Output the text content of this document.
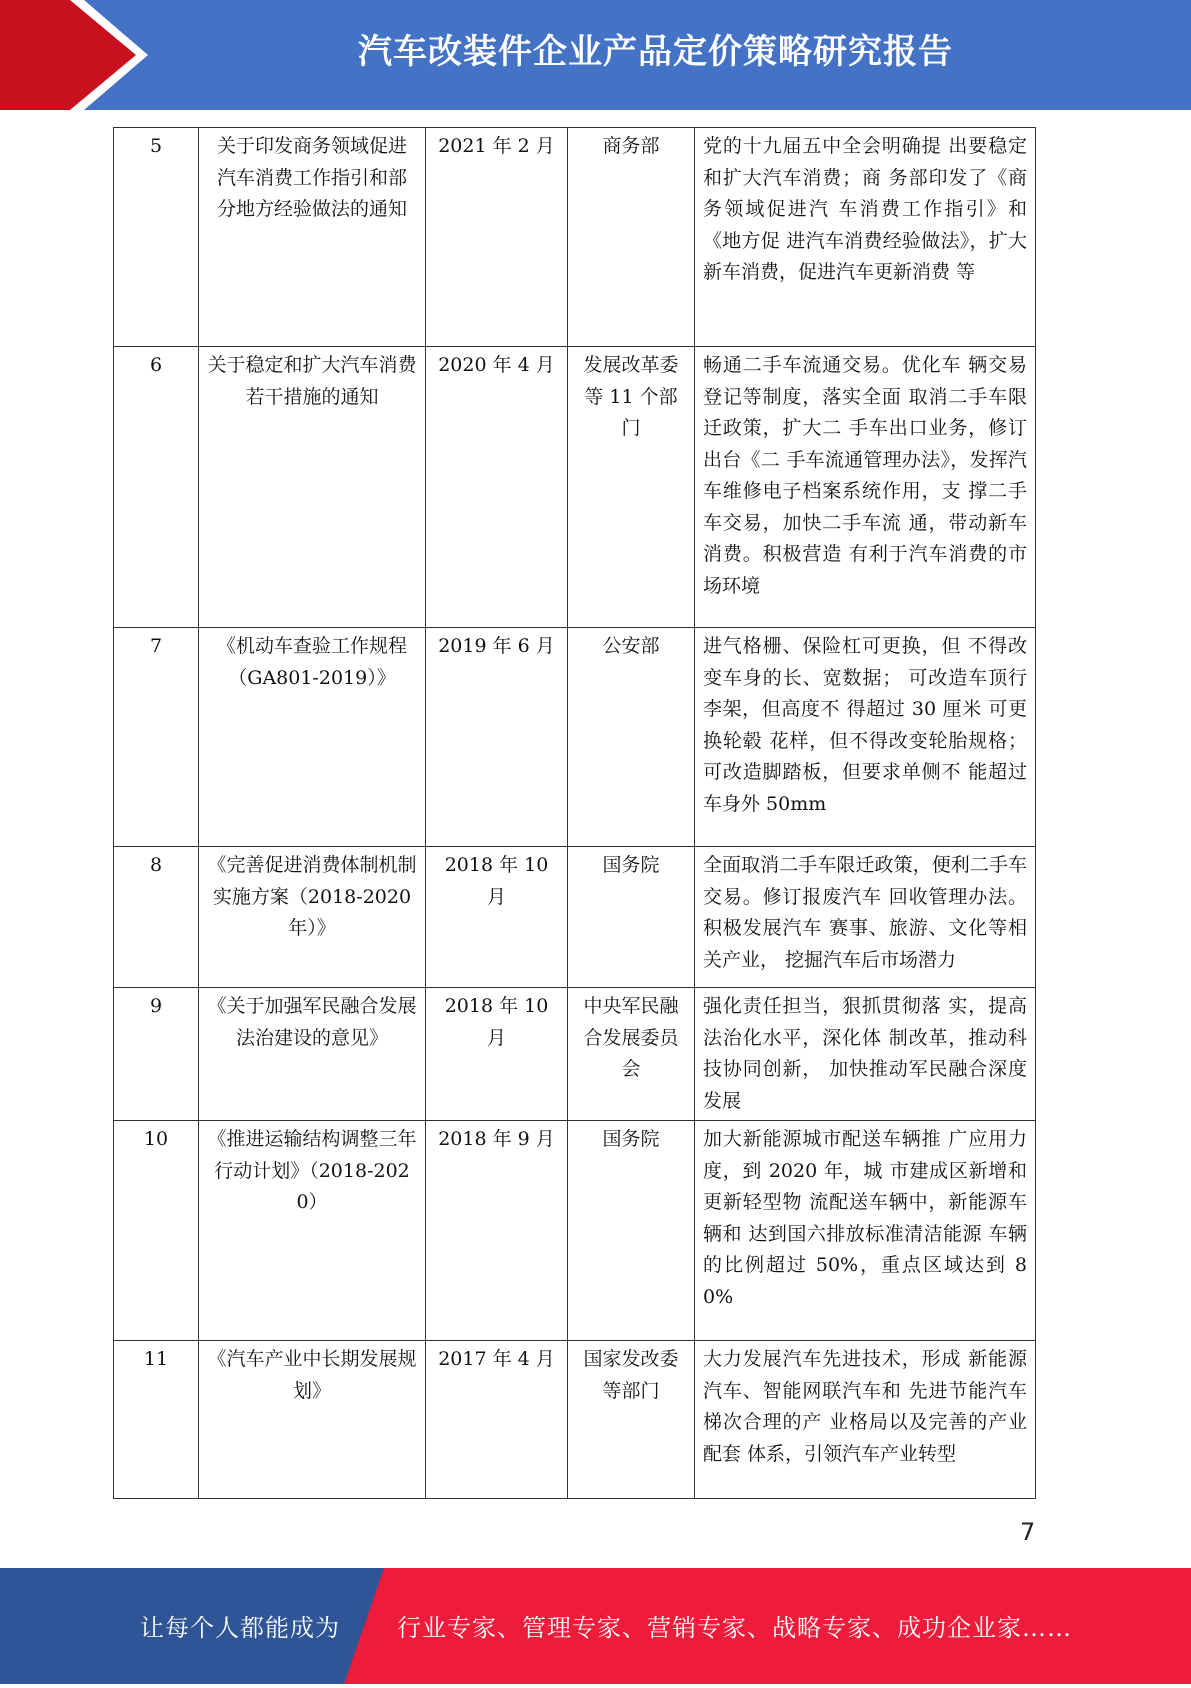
汽车改装件企业产品定价策略研究报告
5	关于印发商务领域促进 汽车消费工作指引和部 分地方经验做法的通知	2021 年 2 月	商务部	党的十九届五中全会明确提 出要稳定和扩大汽车消费；商 务部印发了《商务领域促进汽 车消费工作指引》和《地方促 进汽车消费经验做法》，扩大 新车消费，促进汽车更新消费 等
6	关于稳定和扩大汽车消费若干措施的通知	2020 年 4 月	发展改革委等 11 个部门	畅通二手车流通交易。优化车 辆交易登记等制度，落实全面 取消二手车限迁政策，扩大二 手车出口业务，修订出台《二 手车流通管理办法》，发挥汽 车维修电子档案系统作用，支 撑二手车交易，加快二手车流 通，带动新车消费。积极营造 有利于汽车消费的市场环境
7	《机动车查验工作规程（GA801-2019）》	2019 年 6 月	公安部	进气格栅、保险杠可更换，但 不得改变车身的长、宽数据； 可改造车顶行李架，但高度不 得超过 30 厘米 可更换轮毂 花样，但不得改变轮胎规格； 可改造脚踏板，但要求单侧不 能超过车身外 50mm
8	《完善促进消费体制机制实施方案（2018-2020 年）》	2018 年 10 月	国务院	全面取消二手车限迁政策，便利二手车交易。修订报废汽车 回收管理办法。积极发展汽车 赛事、旅游、文化等相关产业， 挖掘汽车后市场潜力
9	《关于加强军民融合发展法治建设的意见》	2018 年 10 月	中央军民融合发展委员会	强化责任担当，狠抓贯彻落 实，提高法治化水平，深化体 制改革，推动科技协同创新， 加快推动军民融合深度发展
10	《推进运输结构调整三年行动计划》（2018-2020）	2018 年 9 月	国务院	加大新能源城市配送车辆推 广应用力度，到 2020 年，城 市建成区新增和更新轻型物 流配送车辆中，新能源车辆和 达到国六排放标准清洁能源 车辆的比例超过 50%，重点区域达到 80%
11	《汽车产业中长期发展规划》	2017 年 4 月	国家发改委等部门	大力发展汽车先进技术，形成 新能源汽车、智能网联汽车和 先进节能汽车梯次合理的产 业格局以及完善的产业配套 体系，引领汽车产业转型
7
让每个人都能成为 行业专家、管理专家、营销专家、战略专家、成功企业家……
